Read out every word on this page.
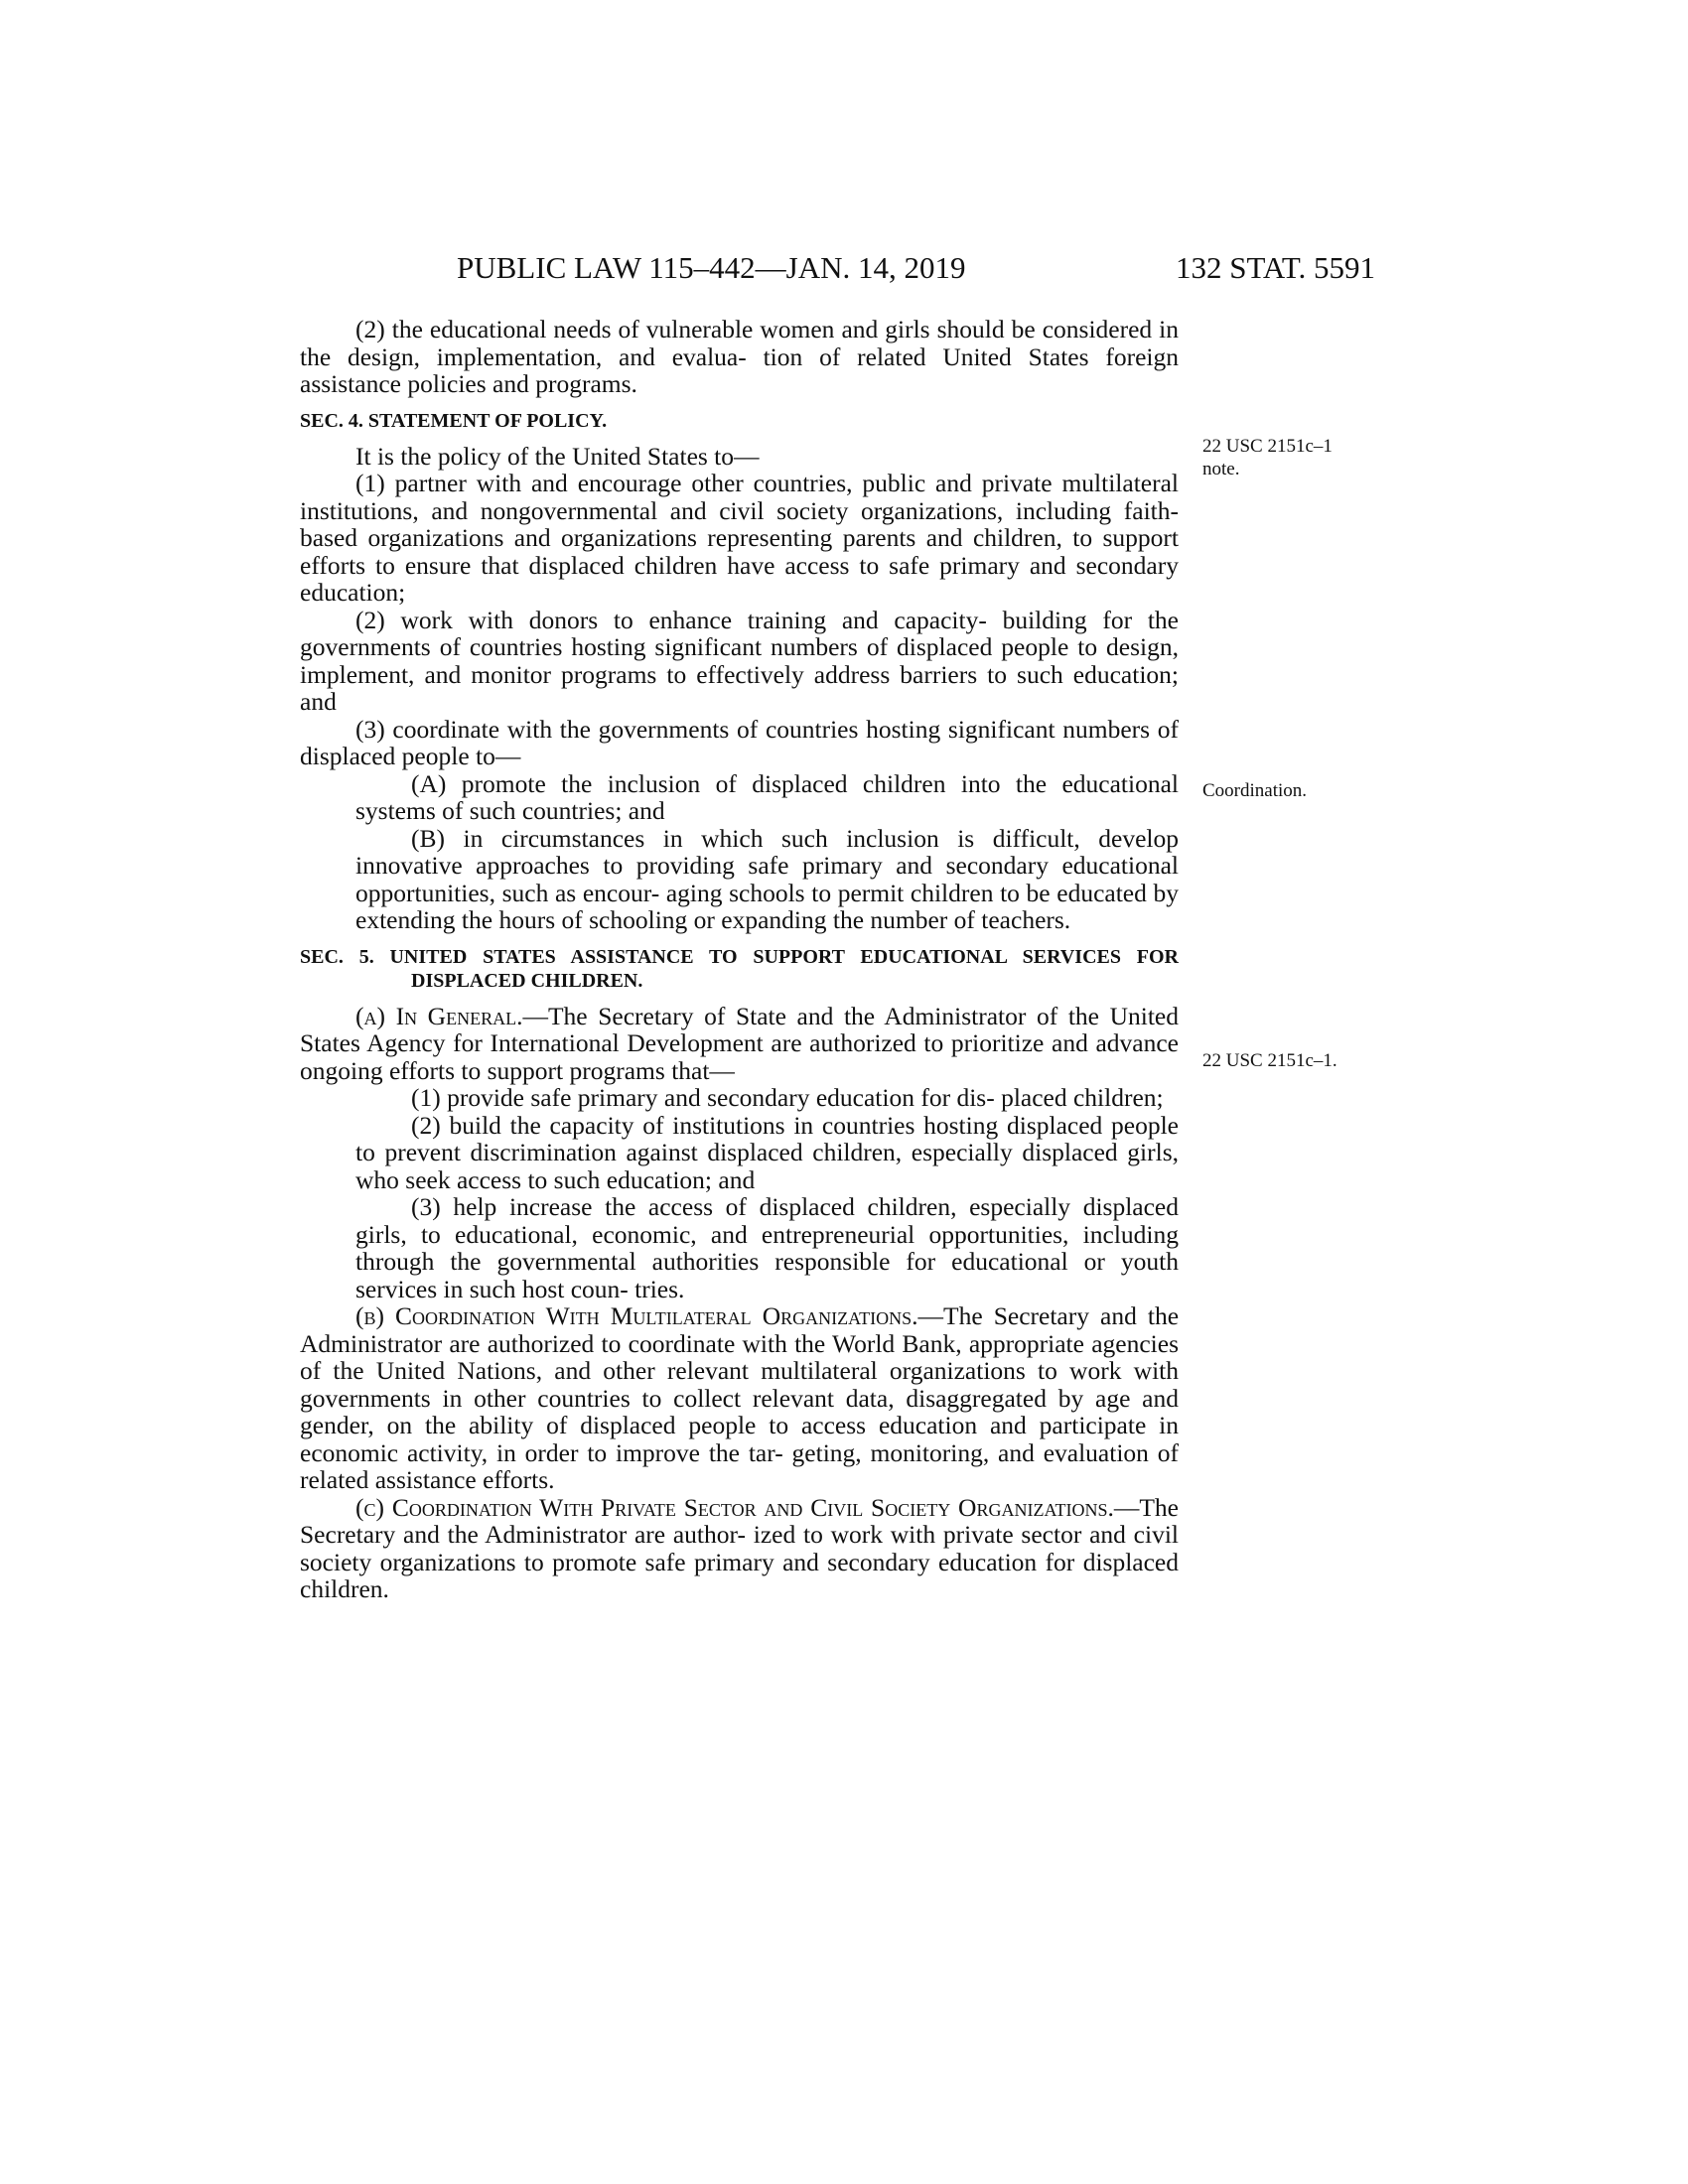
PUBLIC LAW 115–442—JAN. 14, 2019	132 STAT. 5591

(2) the educational needs of vulnerable women and girls should be considered in the design, implementation, and evalua- tion of related United States foreign assistance policies and programs.

SEC. 4. STATEMENT OF POLICY.

It is the policy of the United States to—

(1) partner with and encourage other countries, public and private multilateral institutions, and nongovernmental and civil society organizations, including faith-based organizations and organizations representing parents and children, to support efforts to ensure that displaced children have access to safe primary and secondary education;

(2) work with donors to enhance training and capacity- building for the governments of countries hosting significant numbers of displaced people to design, implement, and monitor programs to effectively address barriers to such education; and

(3) coordinate with the governments of countries hosting significant numbers of displaced people to—

(A) promote the inclusion of displaced children into the educational systems of such countries; and

(B) in circumstances in which such inclusion is difficult, develop innovative approaches to providing safe primary and secondary educational opportunities, such as encour- aging schools to permit children to be educated by extending the hours of schooling or expanding the number of teachers.

SEC. 5. UNITED STATES ASSISTANCE TO SUPPORT EDUCATIONAL SERVICES FOR DISPLACED CHILDREN.

(a) In General.—The Secretary of State and the Administrator of the United States Agency for International Development are authorized to prioritize and advance ongoing efforts to support programs that—

(1) provide safe primary and secondary education for dis- placed children;

(2) build the capacity of institutions in countries hosting displaced people to prevent discrimination against displaced children, especially displaced girls, who seek access to such education; and

(3) help increase the access of displaced children, especially displaced girls, to educational, economic, and entrepreneurial opportunities, including through the governmental authorities responsible for educational or youth services in such host coun- tries.

(b) Coordination With Multilateral Organizations.—The Secretary and the Administrator are authorized to coordinate with the World Bank, appropriate agencies of the United Nations, and other relevant multilateral organizations to work with governments in other countries to collect relevant data, disaggregated by age and gender, on the ability of displaced people to access education and participate in economic activity, in order to improve the tar- geting, monitoring, and evaluation of related assistance efforts.

(c) Coordination With Private Sector and Civil Society Organizations.—The Secretary and the Administrator are author- ized to work with private sector and civil society organizations to promote safe primary and secondary education for displaced children.

22 USC 2151c–1 note.
Coordination.
22 USC 2151c–1.
